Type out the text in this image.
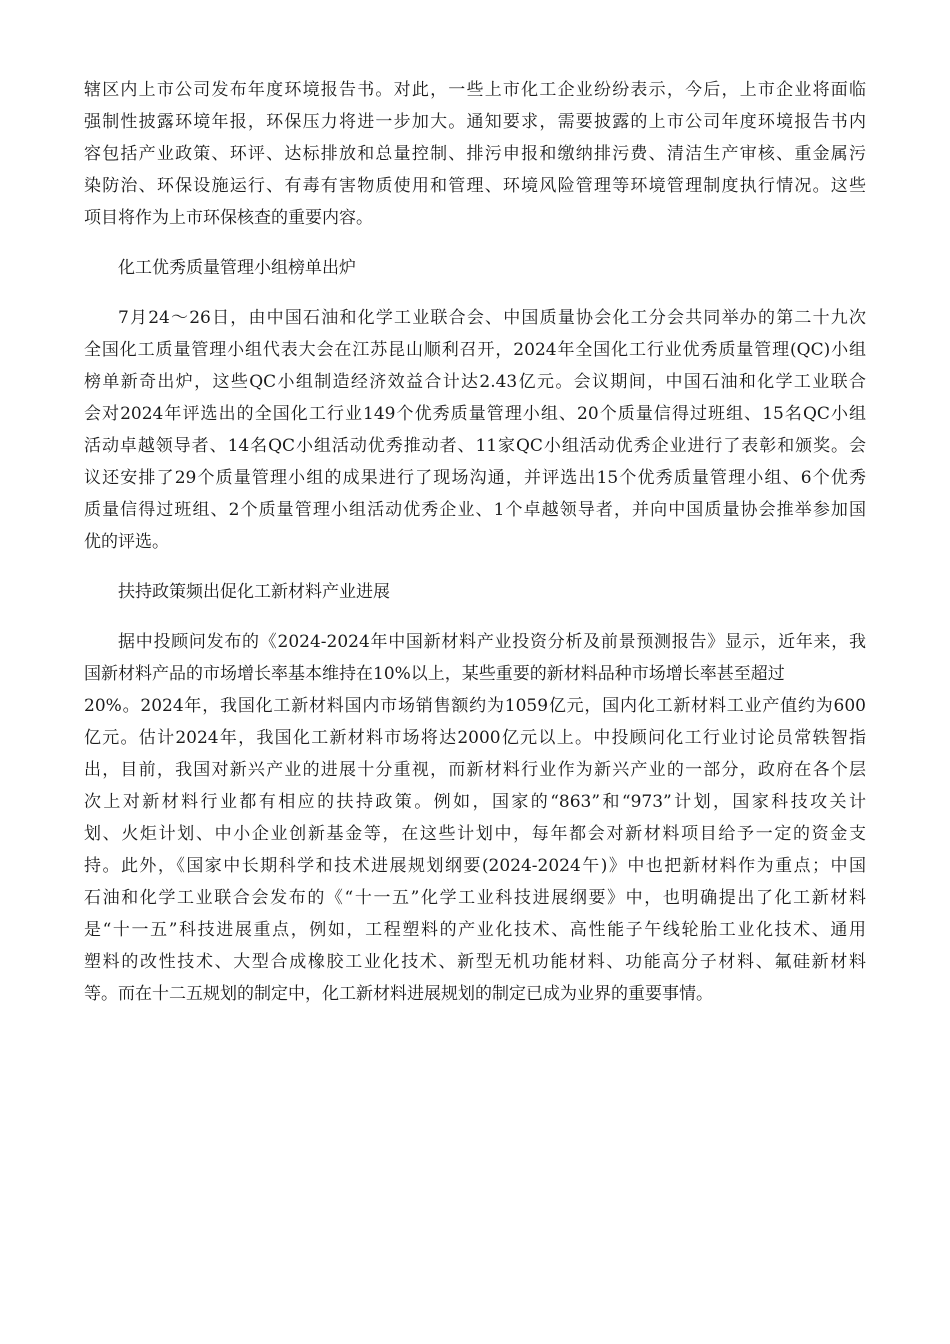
辖区内上市公司发布年度环境报告书。对此，一些上市化工企业纷纷表示，今后，上市企业将面临

强制性披露环境年报，环保压力将进一步加大。通知要求，需要披露的上市公司年度环境报告书内

容包括产业政策、环评、达标排放和总量控制、排污申报和缴纳排污费、清洁生产审核、重金属污

染防治、环保设施运行、有毒有害物质使用和管理、环境风险管理等环境管理制度执行情况。这些

项目将作为上市环保核查的重要内容。

化工优秀质量管理小组榜单出炉

7月24～26日，由中国石油和化学工业联合会、中国质量协会化工分会共同举办的第二十九次

全国化工质量管理小组代表大会在江苏昆山顺利召开，2024年全国化工行业优秀质量管理(QC)小组

榜单新奇出炉，这些QC小组制造经济效益合计达2.43亿元。会议期间，中国石油和化学工业联合

会对2024年评选出的全国化工行业149个优秀质量管理小组、20个质量信得过班组、15名QC小组

活动卓越领导者、14名QC小组活动优秀推动者、11家QC小组活动优秀企业进行了表彰和颁奖。会

议还安排了29个质量管理小组的成果进行了现场沟通，并评选出15个优秀质量管理小组、6个优秀

质量信得过班组、2个质量管理小组活动优秀企业、1个卓越领导者，并向中国质量协会推举参加国

优的评选。

扶持政策频出促化工新材料产业进展

据中投顾问发布的《2024-2024年中国新材料产业投资分析及前景预测报告》显示，近年来，我

国新材料产品的市场增长率基本维持在10%以上，某些重要的新材料品种市场增长率甚至超过

20%。2024年，我国化工新材料国内市场销售额约为1059亿元，国内化工新材料工业产值约为600

亿元。估计2024年，我国化工新材料市场将达2000亿元以上。中投顾问化工行业讨论员常轶智指

出，目前，我国对新兴产业的进展十分重视，而新材料行业作为新兴产业的一部分，政府在各个层

次上对新材料行业都有相应的扶持政策。例如，国家的“863”和“973”计划，国家科技攻关计

划、火炬计划、中小企业创新基金等，在这些计划中，每年都会对新材料项目给予一定的资金支

持。此外，《国家中长期科学和技术进展规划纲要(2024-2024午)》中也把新材料作为重点；中国

石油和化学工业联合会发布的《“十一五”化学工业科技进展纲要》中，也明确提出了化工新材料

是“十一五”科技进展重点，例如，工程塑料的产业化技术、高性能子午线轮胎工业化技术、通用

塑料的改性技术、大型合成橡胶工业化技术、新型无机功能材料、功能高分子材料、氟硅新材料

等。而在十二五规划的制定中，化工新材料进展规划的制定已成为业界的重要事情。
